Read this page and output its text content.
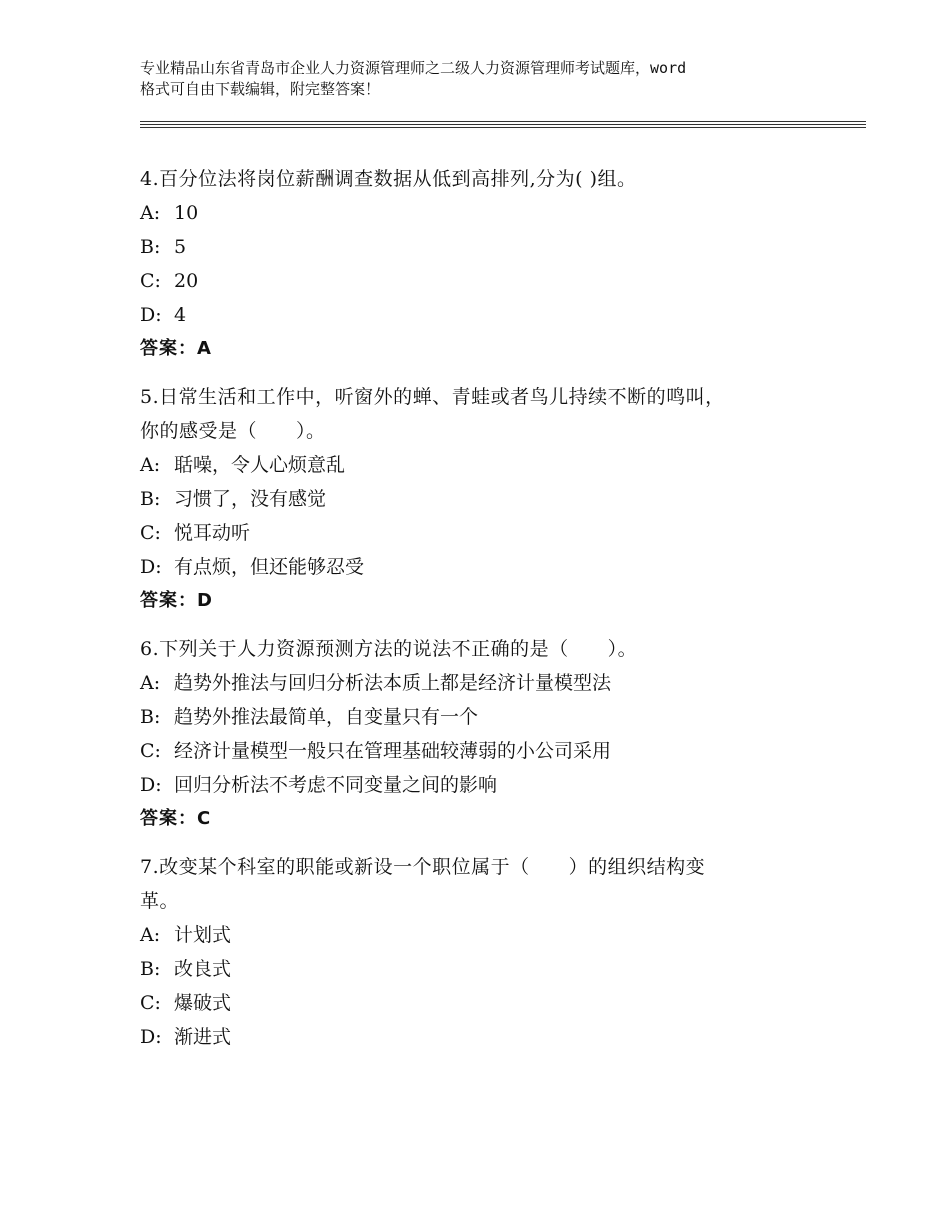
专业精品山东省青岛市企业人力资源管理师之二级人力资源管理师考试题库，word
格式可自由下载编辑，附完整答案！
4.百分位法将岗位薪酬调查数据从低到高排列,分为( )组。
A: 10
B: 5
C: 20
D: 4
答案：A
5.日常生活和工作中，听窗外的蝉、青蛙或者鸟儿持续不断的鸣叫，
你的感受是（　　）。
A: 聒噪，令人心烦意乱
B: 习惯了，没有感觉
C: 悦耳动听
D: 有点烦，但还能够忍受
答案：D
6.下列关于人力资源预测方法的说法不正确的是（　　）。
A: 趋势外推法与回归分析法本质上都是经济计量模型法
B: 趋势外推法最简单，自变量只有一个
C: 经济计量模型一般只在管理基础较薄弱的小公司采用
D: 回归分析法不考虑不同变量之间的影响
答案：C
7.改变某个科室的职能或新设一个职位属于（　　）的组织结构变
革。
A: 计划式
B: 改良式
C: 爆破式
D: 渐进式
